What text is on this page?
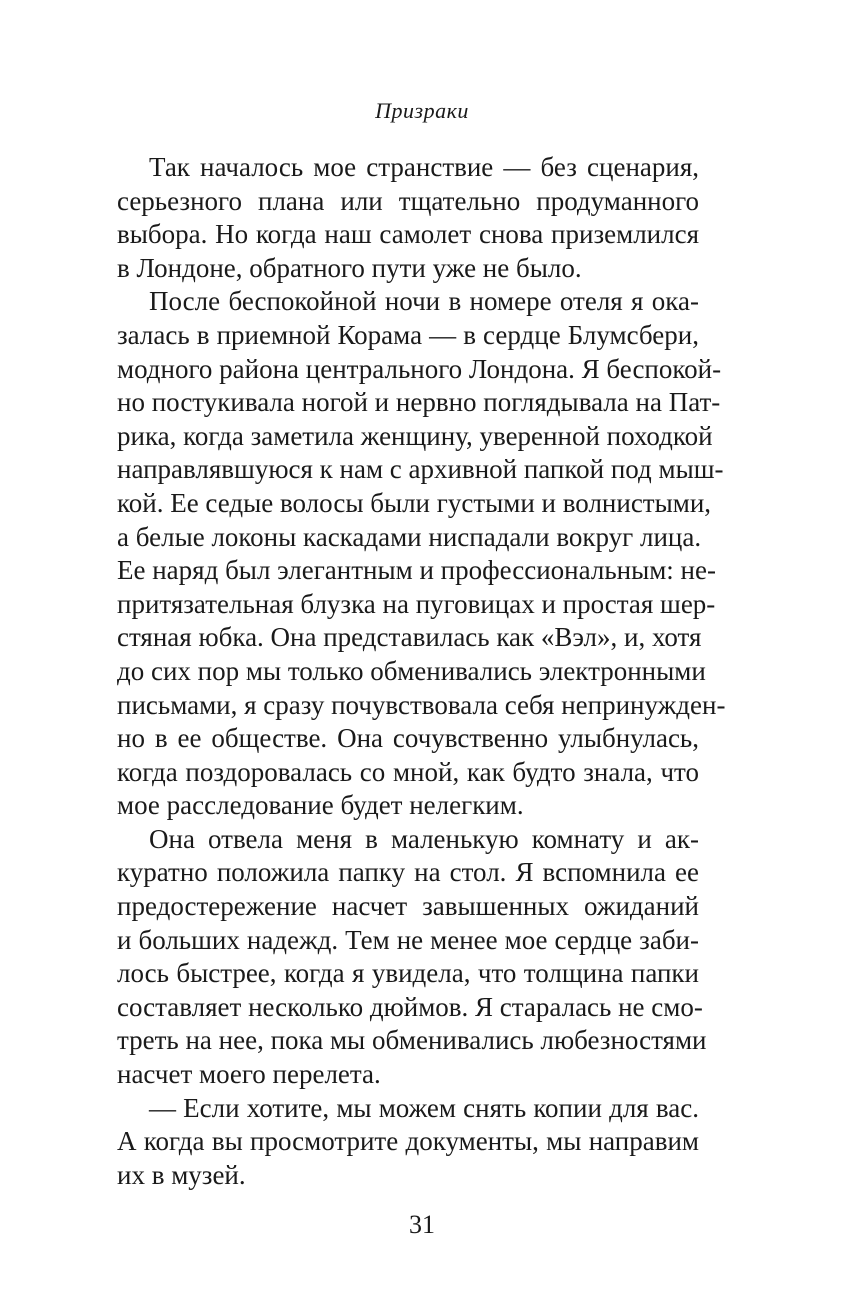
Призраки
Так началось мое странствие — без сценария,
серьезного плана или тщательно продуманного
выбора. Но когда наш самолет снова приземлился
в Лондоне, обратного пути уже не было.
После беспокойной ночи в номере отеля я ока-
залась в приемной Корама — в сердце Блумсбери,
модного района центрального Лондона. Я беспокой-
но постукивала ногой и нервно поглядывала на Пат-
рика, когда заметила женщину, уверенной походкой
направлявшуюся к нам с архивной папкой под мыш-
кой. Ее седые волосы были густыми и волнистыми,
а белые локоны каскадами ниспадали вокруг лица.
Ее наряд был элегантным и профессиональным: не-
притязательная блузка на пуговицах и простая шер-
стяная юбка. Она представилась как «Вэл», и, хотя
до сих пор мы только обменивались электронными
письмами, я сразу почувствовала себя непринужден-
но в ее обществе. Она сочувственно улыбнулась,
когда поздоровалась со мной, как будто знала, что
мое расследование будет нелегким.
Она отвела меня в маленькую комнату и ак-
куратно положила папку на стол. Я вспомнила ее
предостережение насчет завышенных ожиданий
и больших надежд. Тем не менее мое сердце заби-
лось быстрее, когда я увидела, что толщина папки
составляет несколько дюймов. Я старалась не смо-
треть на нее, пока мы обменивались любезностями
насчет моего перелета.
— Если хотите, мы можем снять копии для вас.
А когда вы просмотрите документы, мы направим
их в музей.
31
